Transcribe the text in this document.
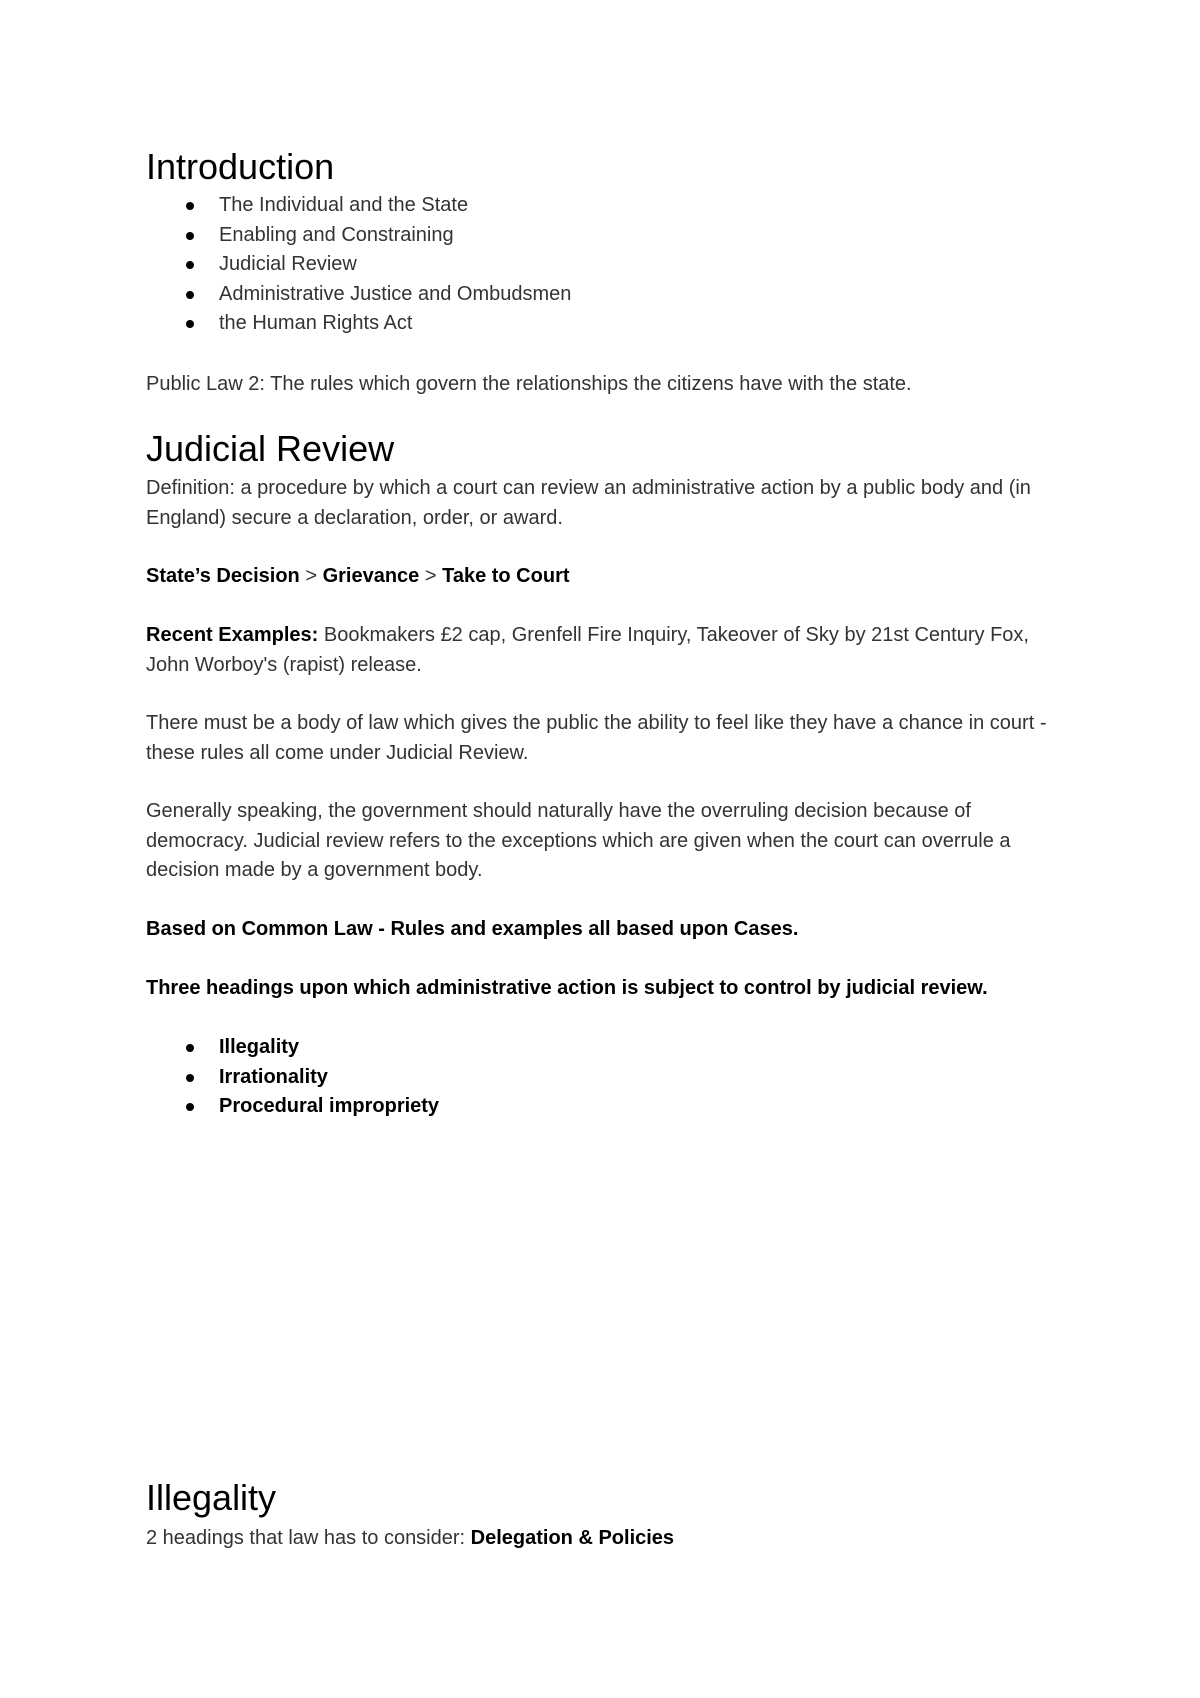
Introduction
The Individual and the State
Enabling and Constraining
Judicial Review
Administrative Justice and Ombudsmen
the Human Rights Act

Public Law 2: The rules which govern the relationships the citizens have with the state.

Judicial Review

Definition: a procedure by which a court can review an administrative action by a public body and (in England) secure a declaration, order, or award.

State’s Decision > Grievance > Take to Court

Recent Examples: Bookmakers £2 cap, Grenfell Fire Inquiry, Takeover of Sky by 21st Century Fox, John Worboy's (rapist) release.

There must be a body of law which gives the public the ability to feel like they have a chance in court - these rules all come under Judicial Review.

Generally speaking, the government should naturally have the overruling decision because of democracy. Judicial review refers to the exceptions which are given when the court can overrule a decision made by a government body.

Based on Common Law - Rules and examples all based upon Cases.

Three headings upon which administrative action is subject to control by judicial review.

Illegality
Irrationality
Procedural impropriety
Illegality

2 headings that law has to consider: Delegation & Policies
